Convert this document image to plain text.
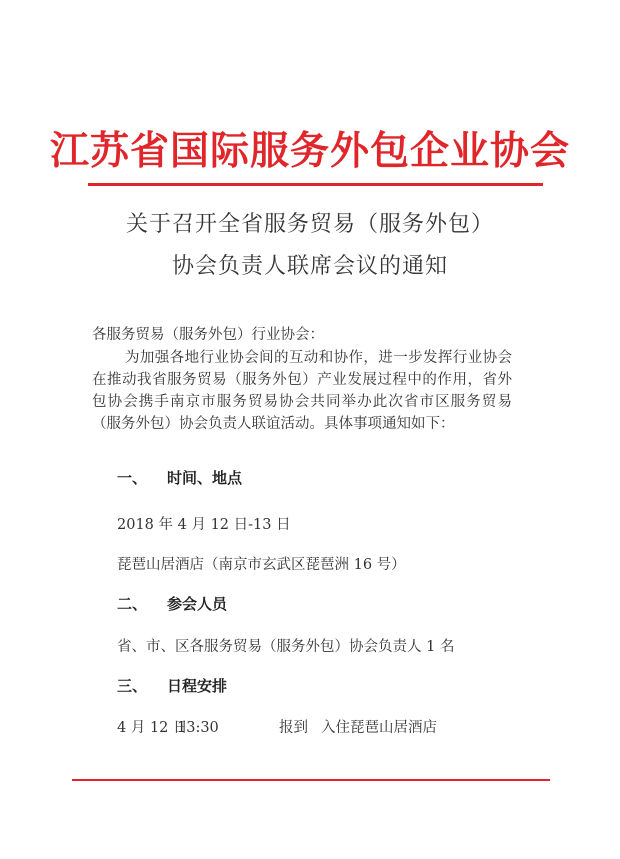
江苏省国际服务外包企业协会
关于召开全省服务贸易（服务外包）
协会负责人联席会议的通知
各服务贸易（服务外包）行业协会：
为加强各地行业协会间的互动和协作，进一步发挥行业协会在推动我省服务贸易（服务外包）产业发展过程中的作用，省外包协会携手南京市服务贸易协会共同举办此次省市区服务贸易（服务外包）协会负责人联谊活动。具体事项通知如下：
一、 时间、地点
2018 年 4 月 12 日-13 日
琵琶山居酒店（南京市玄武区琵琶洲 16 号）
二、 参会人员
省、市、区各服务贸易（服务外包）协会负责人 1 名
三、 日程安排
4 月 12 日13:30	报到 入住琵琶山居酒店
